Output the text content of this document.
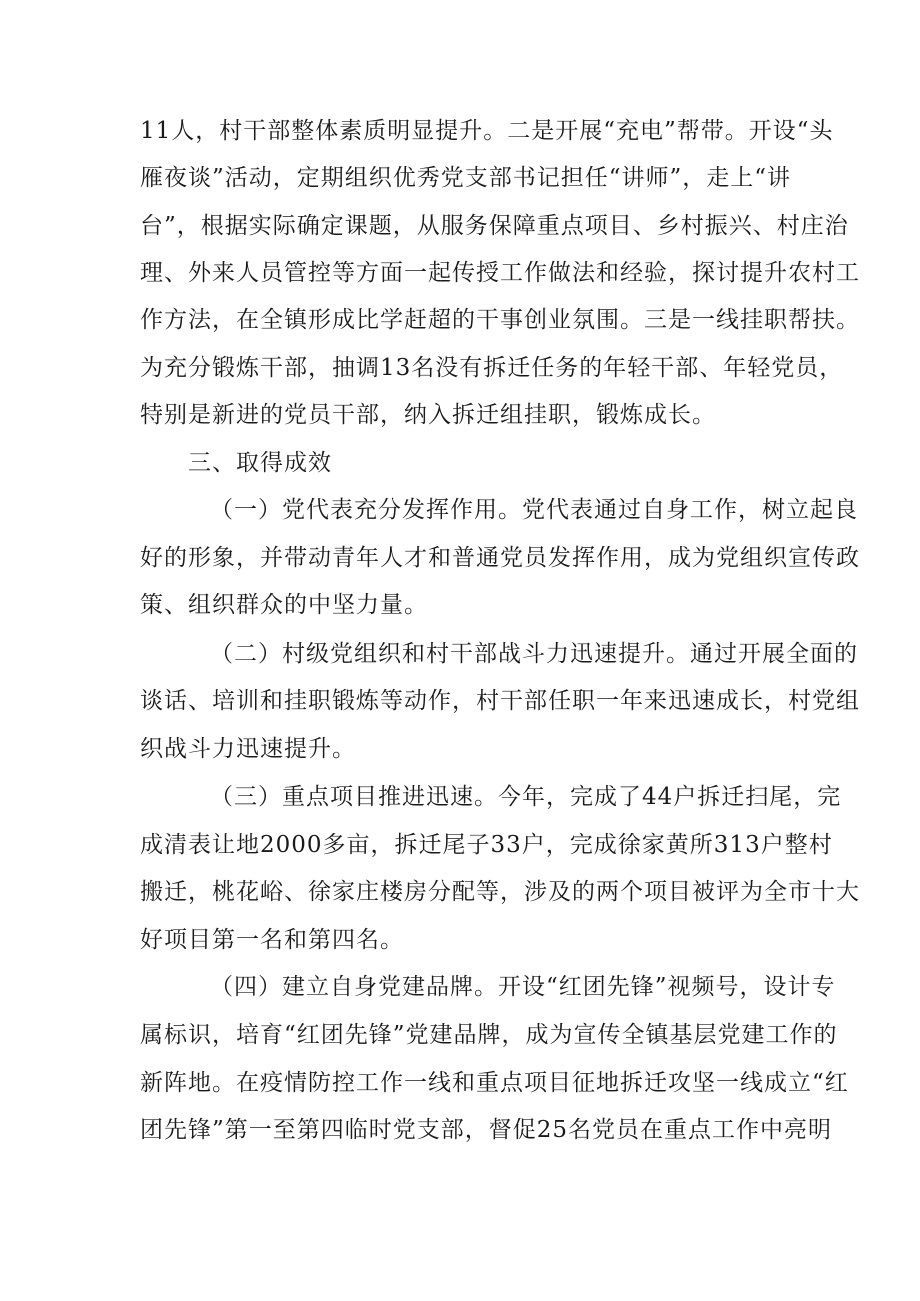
11人，村干部整体素质明显提升。二是开展“充电”帮带。开设“头
雁夜谈”活动，定期组织优秀党支部书记担任“讲师”，走上“讲
台”，根据实际确定课题，从服务保障重点项目、乡村振兴、村庄治
理、外来人员管控等方面一起传授工作做法和经验，探讨提升农村工
作方法，在全镇形成比学赶超的干事创业氛围。三是一线挂职帮扶。
为充分锻炼干部，抽调13名没有拆迁任务的年轻干部、年轻党员，
特别是新进的党员干部，纳入拆迁组挂职，锻炼成长。
三、取得成效
（一）党代表充分发挥作用。党代表通过自身工作，树立起良
好的形象，并带动青年人才和普通党员发挥作用，成为党组织宣传政
策、组织群众的中坚力量。
（二）村级党组织和村干部战斗力迅速提升。通过开展全面的
谈话、培训和挂职锻炼等动作，村干部任职一年来迅速成长，村党组
织战斗力迅速提升。
（三）重点项目推进迅速。今年，完成了44户拆迁扫尾，完
成清表让地2000多亩，拆迁尾子33户，完成徐家黄所313户整村
搬迁，桃花峪、徐家庄楼房分配等，涉及的两个项目被评为全市十大
好项目第一名和第四名。
（四）建立自身党建品牌。开设“红团先锋”视频号，设计专
属标识，培育“红团先锋”党建品牌，成为宣传全镇基层党建工作的
新阵地。在疫情防控工作一线和重点项目征地拆迁攻坚一线成立“红
团先锋”第一至第四临时党支部，督促25名党员在重点工作中亮明
